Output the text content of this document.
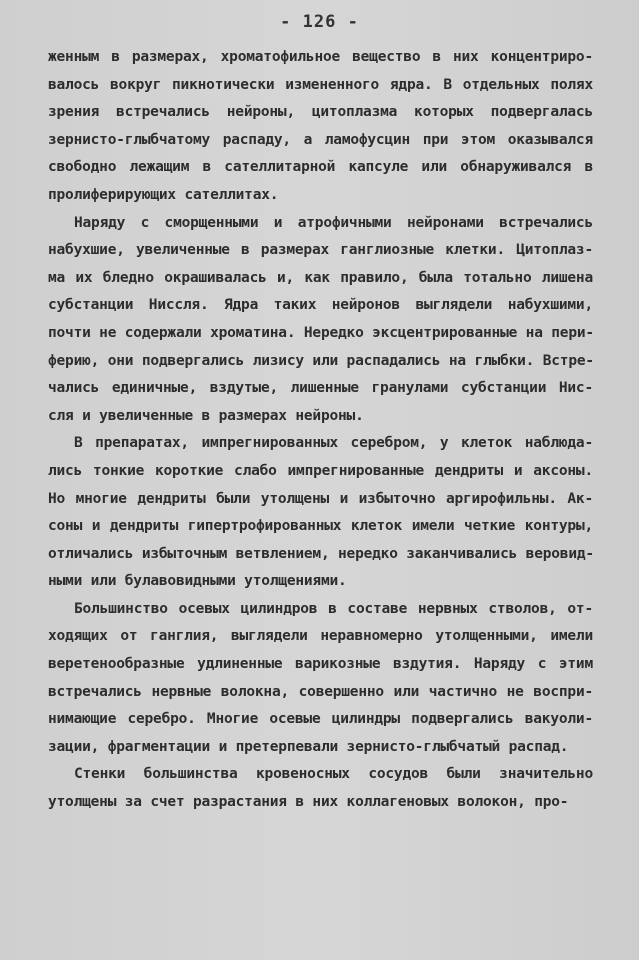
- 126 -
женным в размерах, хроматофильное вещество в них концентриро-
валось вокруг пикнотически измененного ядра. В отдельных полях
зрения встречались нейроны, цитоплазма которых подвергалась
зернисто-глыбчатому распаду, а ламофусцин при этом оказывался
свободно лежащим в сателлитарной капсуле или обнаруживался в
пролиферирующих сателлитах.
Наряду с сморщенными и атрофичными нейронами встречались
набухшие, увеличенные в размерах ганглиозные клетки. Цитоплаз-
ма их бледно окрашивалась и, как правило, была тотально лишена
субстанции Ниссля. Ядра таких нейронов выглядели набухшими,
почти не содержали хроматина. Нередко эксцентрированные на пери-
ферию, они подвергались лизису или распадались на глыбки. Встре-
чались единичные, вздутые, лишенные гранулами субстанции Нис-
сля и увеличенные в размерах нейроны.
В препаратах, импрегнированных серебром, у клеток наблюда-
лись тонкие короткие слабо импрегнированные дендриты и аксоны.
Но многие дендриты были утолщены и избыточно аргирофильны. Ак-
соны и дендриты гипертрофированных клеток имели четкие контуры,
отличались избыточным ветвлением, нередко заканчивались веровид-
ными или булавовидными утолщениями.
Большинство осевых цилиндров в составе нервных стволов, от-
ходящих от ганглия, выглядели неравномерно утолщенными, имели
веретенообразные удлиненные варикозные вздутия. Наряду с этим
встречались нервные волокна, совершенно или частично не воспри-
нимающие серебро. Многие осевые цилиндры подвергались вакуоли-
зации, фрагментации и претерпевали зернисто-глыбчатый распад.
Стенки большинства кровеносных сосудов были значительно
утолщены за счет разрастания в них коллагеновых волокон, про-
